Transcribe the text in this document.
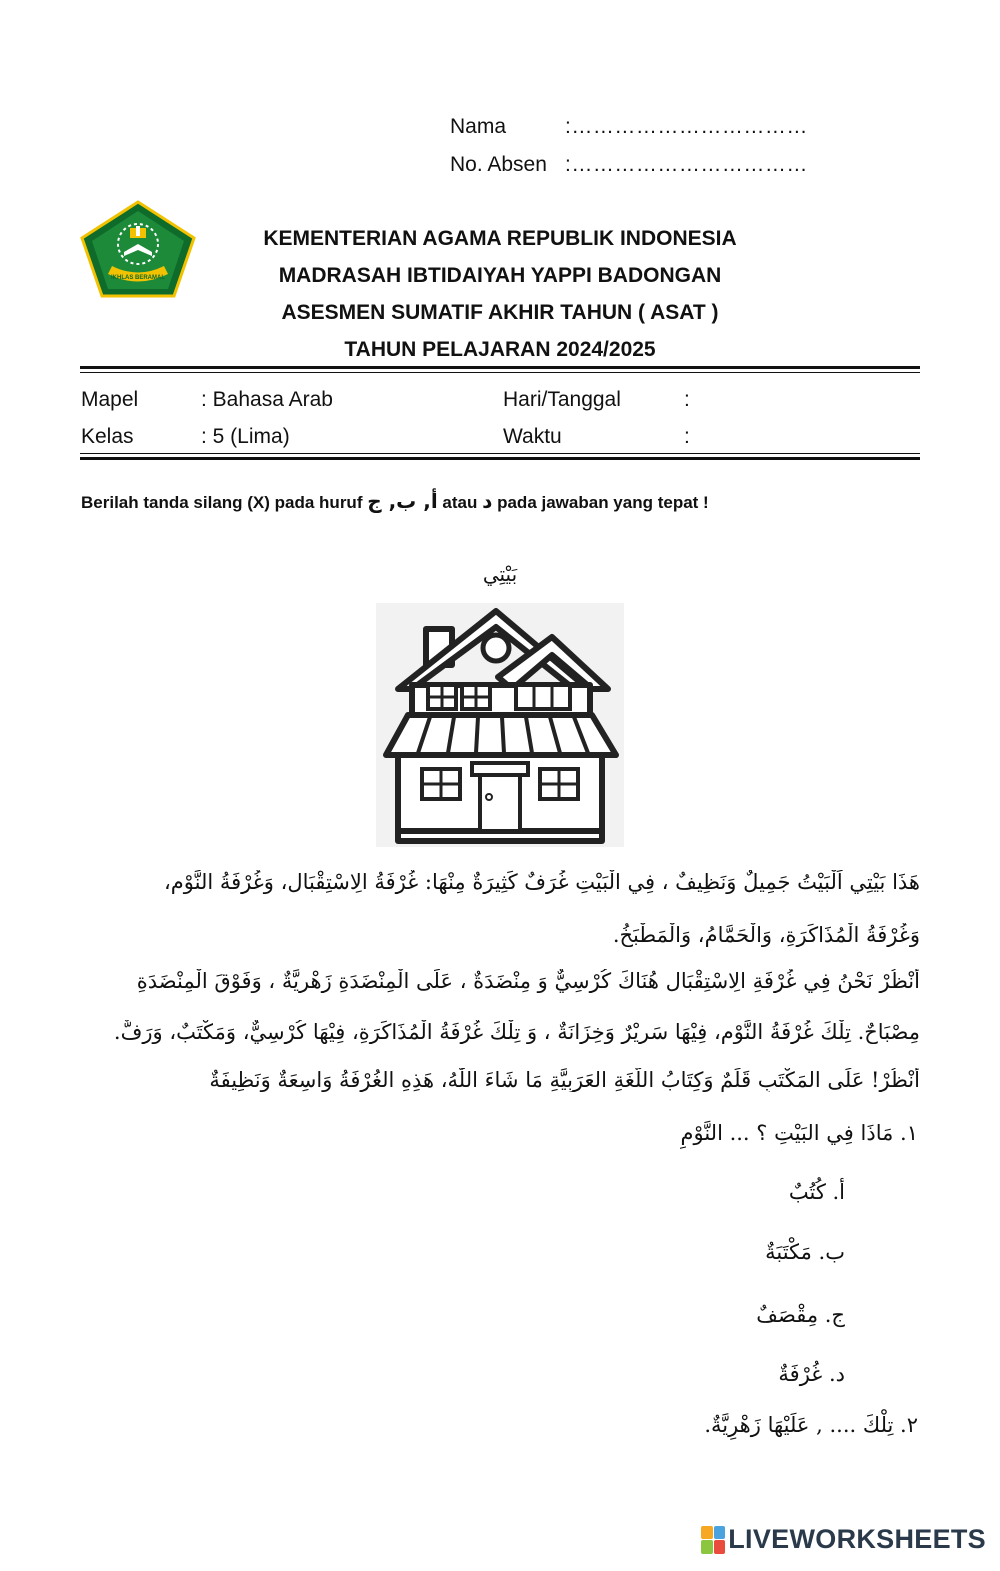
Nama	:……………………………
No. Absen :……………………………
IKHLAS BERAMAL
KEMENTERIAN AGAMA REPUBLIK INDONESIA
MADRASAH IBTIDAIYAH YAPPI BADONGAN
ASESMEN SUMATIF AKHIR TAHUN ( ASAT )
TAHUN PELAJARAN 2024/2025
Mapel	: Bahasa Arab	Hari/Tanggal	:
Kelas	: 5 (Lima)	Waktu	:
Berilah tanda silang (X) pada huruf أ, ب, ج atau د pada jawaban yang tepat !
بَيْتِي
هَذَا بَيْتِي اَلْبَيْتُ جَمِيلٌ وَنَظِيفٌ ، فِي الْبَيْتِ غُرَفٌ كَثِيرَةٌ مِنْهَا: غُرْفَةُ الِاسْتِقْبَالِ، وَغُرْفَةُ النَّوْمِ،
وَغُرْفَةُ الْمُذَاكَرَةِ، وَالْحَمَّامُ، وَالْمَطْبَخُ.
أَنْظُرْ نَحْنُ فِي غُرْفَةِ الِاسْتِقْبَالِ هُنَاكَ كُرْسِيٌّ وَ مِنْضَدَةٌ ، عَلَى الْمِنْضَدَةِ زَهْرِيَّةٌ ، وَفَوْقَ الْمِنْضَدَةِ
مِصْبَاحٌ. تِلْكَ غُرْفَةُ النَّوْمِ، فِيْهَا سَرِيْرٌ وَخِزَانَةٌ ، وَ تِلْكَ غُرْفَةُ الْمُذَاكَرَةِ، فِيْهَا كُرْسِيٌّ، وَمَكْتَبٌ، وَرَفٌّ.
أَنْظُرْ! عَلَى المَكْتَبِ قَلَمٌ وَكِتَابُ اللُّغَةِ العَرَبِيَّةِ مَا شَاءَ اللّٰهُ، هَذِهِ الغُرْفَةُ وَاسِعَةٌ وَنَظِيفَةٌ
١. مَاذَا فِي البَيْتِ ؟ ... النَّوْمِ
أ. كُتُبٌ
ب. مَكْتَبَةٌ
ج. مِقْصَفٌ
د. غُرْفَةٌ
٢. تِلْكَ .... , عَلَيْهَا زَهْرِيَّةٌ.
LIVEWORKSHEETS
